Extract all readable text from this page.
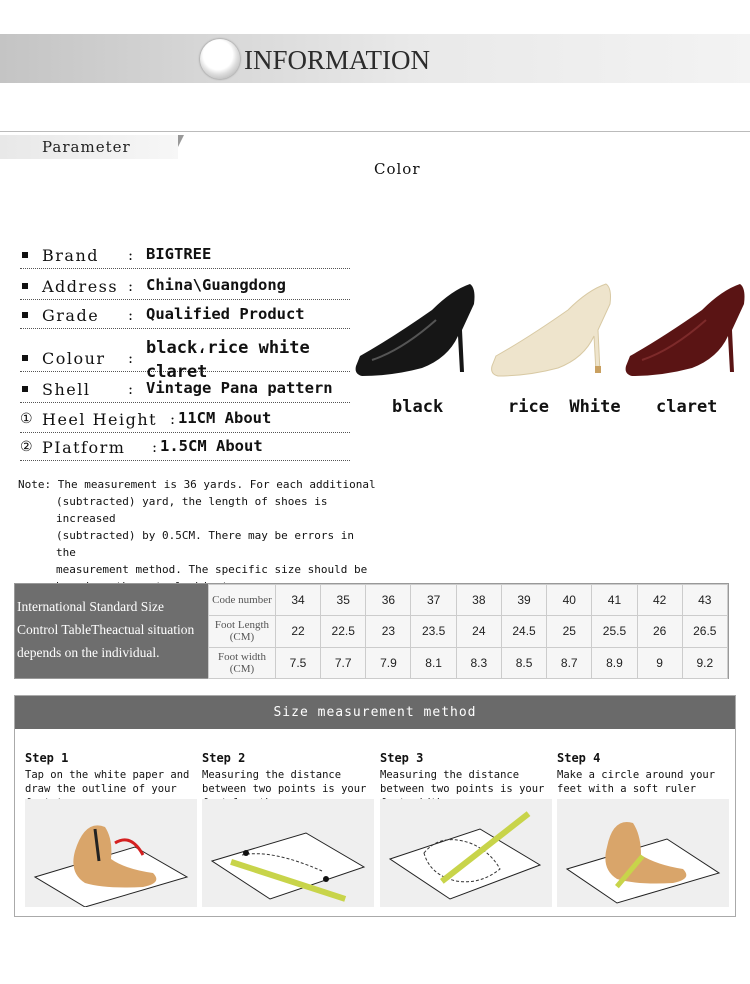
INFORMATION
Parameter
Color
Brand : BIGTREE
Address : China\Guangdong
Grade : Qualified Product
Colour : black،rice white claret
Shell	: Vintage Pana pattern
① Heel Height : 11CM About
② PIatform : 1.5CM About
black	rice  White claret
Note: The measurement is 36 yards. For each additional
(subtracted) yard, the length of shoes is increased
(subtracted) by 0.5CM. There may be errors in the
measurement method. The specific size should be
International Standard Size
Control TableTheactual situation
depends on the individual.
Code number	34	35	36	37	38	39	40	41	42	43
Foot Length (CM)	22	22.5	23	23.5	24	24.5	25	25.5	26	26.5
Foot width (CM)	7.5	7.7	7.9	8.1	8.3	8.5	8.7	8.9	9	9.2
Size measurement method
Step 1
Tap on the white paper and draw the outline of your
Step 2
Measuring the distance between two points is your
Step 3
Measuring the distance between two points is your
Step 4
Make a circle around your feet with a soft ruler
